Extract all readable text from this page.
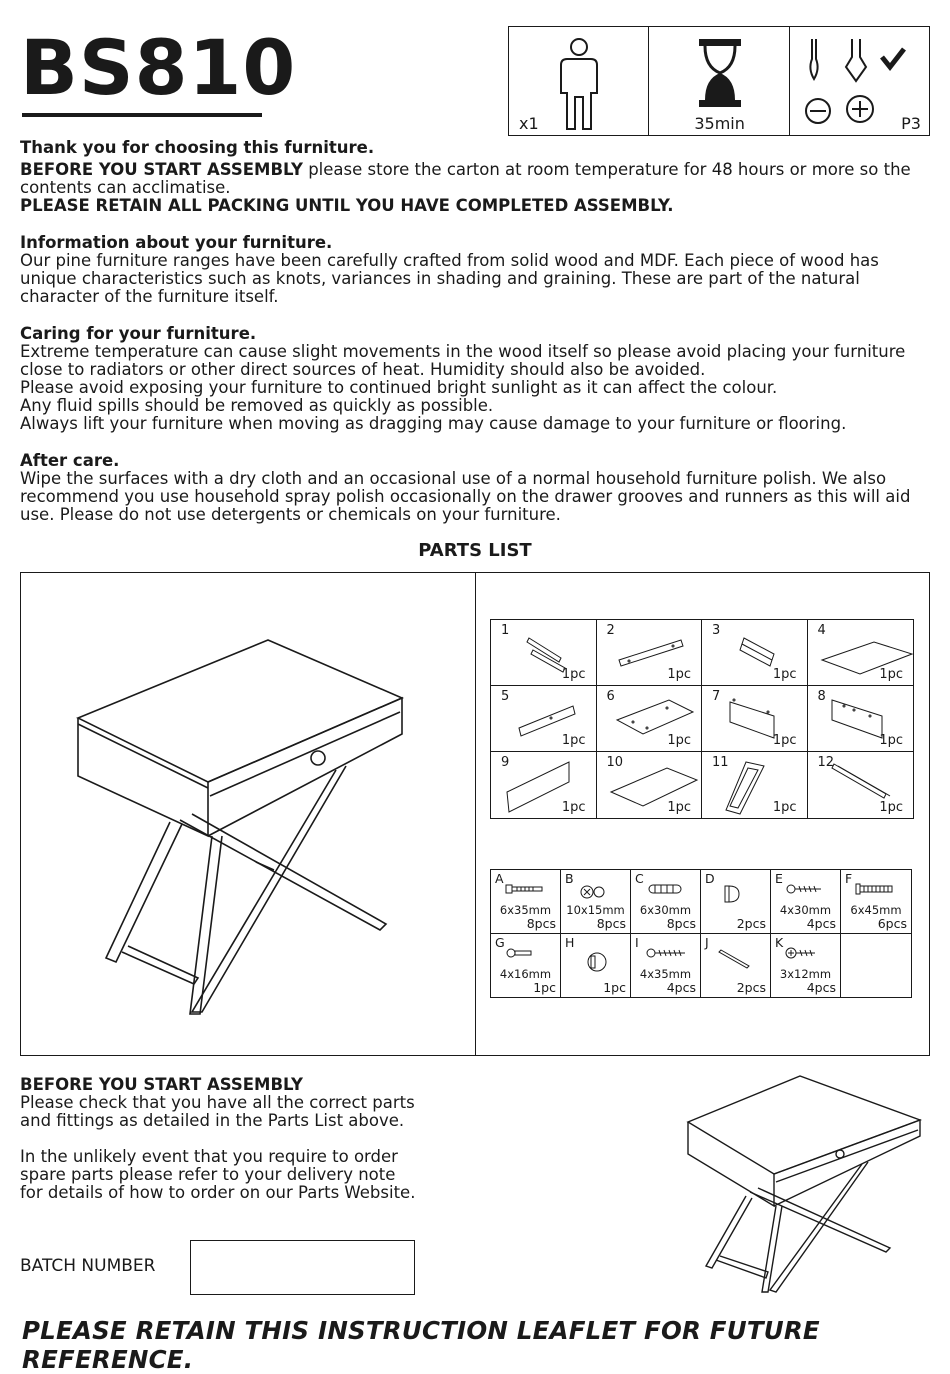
BS810
x1	35min	P3

Thank you for choosing this furniture.

BEFORE YOU START ASSEMBLY please store the carton at room temperature for 48 hours or more so the contents can acclimatise.

PLEASE RETAIN ALL PACKING UNTIL YOU HAVE COMPLETED ASSEMBLY.

Information about your furniture.

Our pine furniture ranges have been carefully crafted from solid wood and MDF. Each piece of wood has unique characteristics such as knots, variances in shading and graining. These are part of the natural character of the furniture itself.

Caring for your furniture.

Extreme temperature can cause slight movements in the wood itself so please avoid placing your furniture close to radiators or other direct sources of heat. Humidity should also be avoided.

Please avoid exposing your furniture to continued bright sunlight as it can affect the colour.

Any fluid spills should be removed as quickly as possible.

Always lift your furniture when moving as dragging may cause damage to your furniture or flooring.

After care.

Wipe the surfaces with a dry cloth and an occasional use of a normal household furniture polish. We also recommend you use household spray polish occasionally on the drawer grooves and runners as this will aid use. Please do not use detergents or chemicals on your furniture.

PARTS LIST
1
1pc
2
1pc
3
1pc
4
1pc
5
1pc
6
1pc
7
1pc
8
1pc
9
1pc
10
1pc
11
1pc
12
1pc
A
6x35mm
8pcs
B
10x15mm
8pcs
C
6x30mm
8pcs
D
2pcs
E
4x30mm
4pcs
F
6x45mm
6pcs
G
4x16mm
1pc
H
1pc
I
4x35mm
4pcs
J
2pcs
K
3x12mm
4pcs

BEFORE YOU START ASSEMBLY

Please check that you have all the correct parts

and fittings as detailed in the Parts List above.

In the unlikely event that you require to order

spare parts please refer to your delivery note

for details of how to order on our Parts Website.

BATCH NUMBER
PLEASE RETAIN THIS INSTRUCTION LEAFLET FOR FUTURE REFERENCE.
